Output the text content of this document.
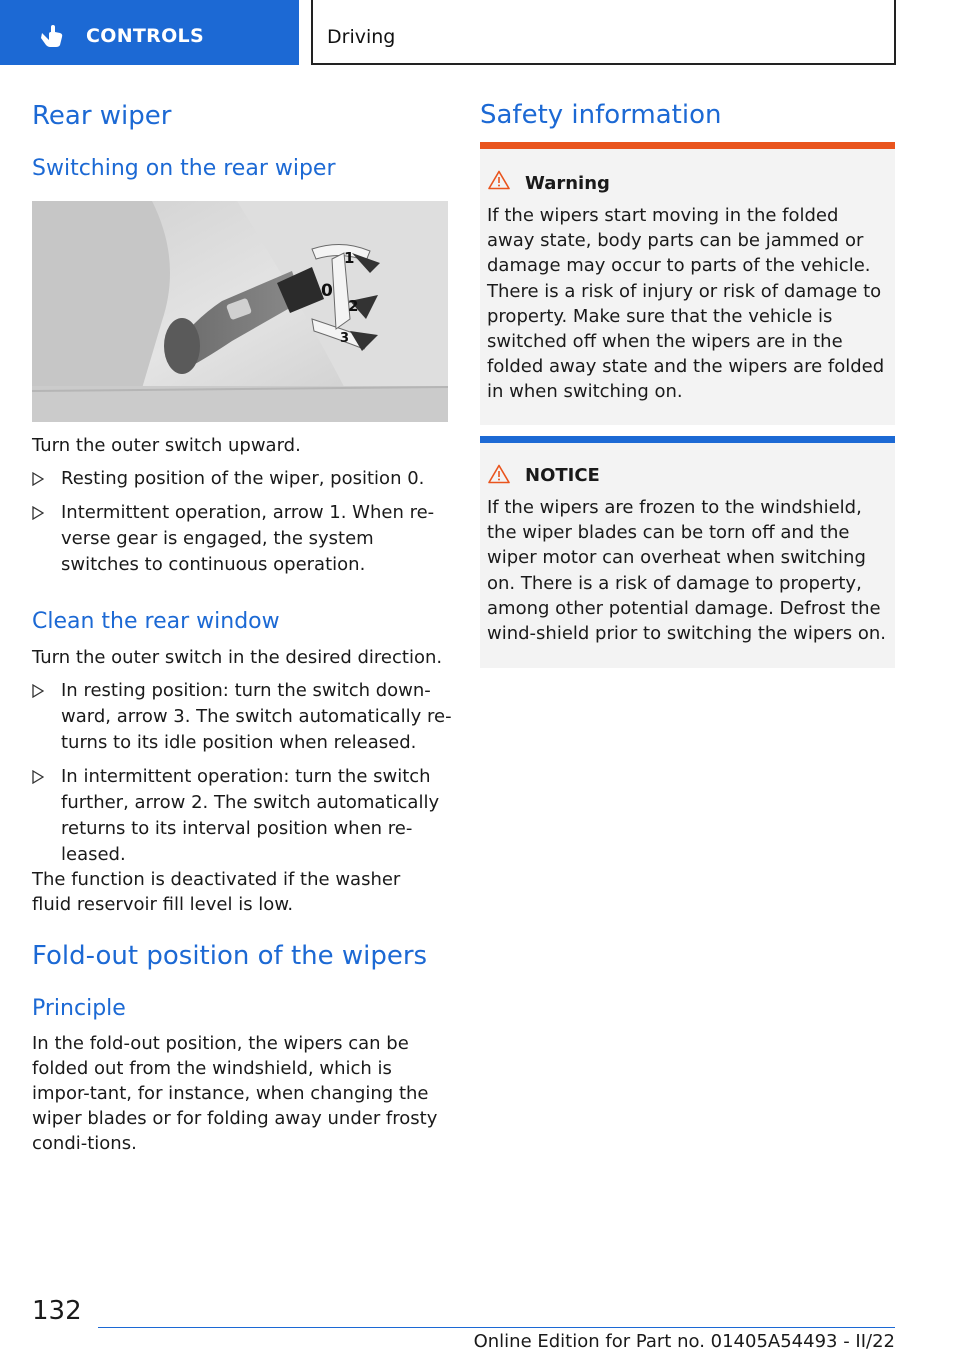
CONTROLS	Driving
Rear wiper
Switching on the rear wiper
1
0
2
3
Turn the outer switch upward.
Resting position of the wiper, position 0.
Intermittent operation, arrow 1. When re-verse gear is engaged, the system switches to continuous operation.
Clean the rear window
Turn the outer switch in the desired direction.
In resting position: turn the switch down-ward, arrow 3. The switch automatically re-turns to its idle position when released.
In intermittent operation: turn the switch further, arrow 2. The switch automatically returns to its interval position when re-leased.
The function is deactivated if the washer fluid reservoir fill level is low.
Fold-out position of the wipers
Principle
In the fold-out position, the wipers can be folded out from the windshield, which is impor-tant, for instance, when changing the wiper blades or for folding away under frosty condi-tions.
Safety information
Warning
If the wipers start moving in the folded away state, body parts can be jammed or damage may occur to parts of the vehicle. There is a risk of injury or risk of damage to property. Make sure that the vehicle is switched off when the wipers are in the folded away state and the wipers are folded in when switching on.
NOTICE
If the wipers are frozen to the windshield, the wiper blades can be torn off and the wiper motor can overheat when switching on. There is a risk of damage to property, among other potential damage. Defrost the wind-shield prior to switching the wipers on.
132
Online Edition for Part no. 01405A54493 - II/22
